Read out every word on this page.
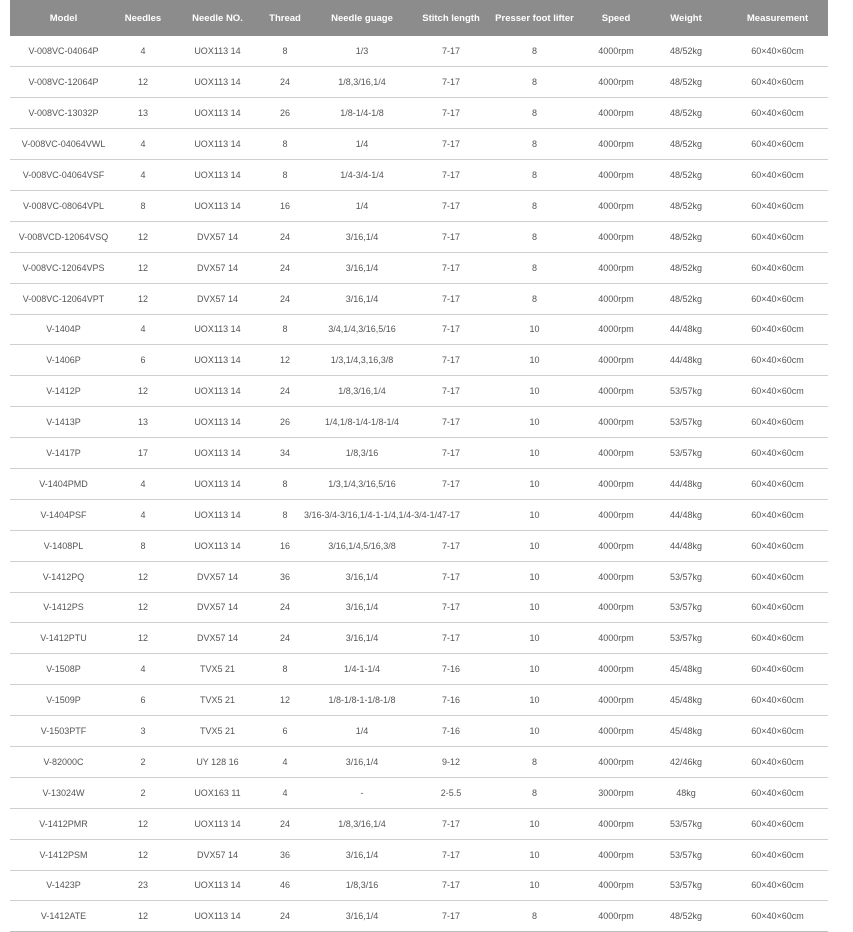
Model	Needles	Needle NO.	Thread	Needle guage	Stitch length	Presser foot lifter	Speed	Weight	Measurement
V-008VC-04064P	4	UOX113 14	8	1/3	7-17	8	4000rpm	48/52kg	60×40×60cm
V-008VC-12064P	12	UOX113 14	24	1/8,3/16,1/4	7-17	8	4000rpm	48/52kg	60×40×60cm
V-008VC-13032P	13	UOX113 14	26	1/8-1/4-1/8	7-17	8	4000rpm	48/52kg	60×40×60cm
V-008VC-04064VWL	4	UOX113 14	8	1/4	7-17	8	4000rpm	48/52kg	60×40×60cm
V-008VC-04064VSF	4	UOX113 14	8	1/4-3/4-1/4	7-17	8	4000rpm	48/52kg	60×40×60cm
V-008VC-08064VPL	8	UOX113 14	16	1/4	7-17	8	4000rpm	48/52kg	60×40×60cm
V-008VCD-12064VSQ	12	DVX57 14	24	3/16,1/4	7-17	8	4000rpm	48/52kg	60×40×60cm
V-008VC-12064VPS	12	DVX57 14	24	3/16,1/4	7-17	8	4000rpm	48/52kg	60×40×60cm
V-008VC-12064VPT	12	DVX57 14	24	3/16,1/4	7-17	8	4000rpm	48/52kg	60×40×60cm
V-1404P	4	UOX113 14	8	3/4,1/4,3/16,5/16	7-17	10	4000rpm	44/48kg	60×40×60cm
V-1406P	6	UOX113 14	12	1/3,1/4,3,16,3/8	7-17	10	4000rpm	44/48kg	60×40×60cm
V-1412P	12	UOX113 14	24	1/8,3/16,1/4	7-17	10	4000rpm	53/57kg	60×40×60cm
V-1413P	13	UOX113 14	26	1/4,1/8-1/4-1/8-1/4	7-17	10	4000rpm	53/57kg	60×40×60cm
V-1417P	17	UOX113 14	34	1/8,3/16	7-17	10	4000rpm	53/57kg	60×40×60cm
V-1404PMD	4	UOX113 14	8	1/3,1/4,3/16,5/16	7-17	10	4000rpm	44/48kg	60×40×60cm
V-1404PSF	4	UOX113 14	8	3/16-3/4-3/16,1/4-1-1/4,1/4-3/4-1/4	7-17	10	4000rpm	44/48kg	60×40×60cm
V-1408PL	8	UOX113 14	16	3/16,1/4,5/16,3/8	7-17	10	4000rpm	44/48kg	60×40×60cm
V-1412PQ	12	DVX57 14	36	3/16,1/4	7-17	10	4000rpm	53/57kg	60×40×60cm
V-1412PS	12	DVX57 14	24	3/16,1/4	7-17	10	4000rpm	53/57kg	60×40×60cm
V-1412PTU	12	DVX57 14	24	3/16,1/4	7-17	10	4000rpm	53/57kg	60×40×60cm
V-1508P	4	TVX5 21	8	1/4-1-1/4	7-16	10	4000rpm	45/48kg	60×40×60cm
V-1509P	6	TVX5 21	12	1/8-1/8-1-1/8-1/8	7-16	10	4000rpm	45/48kg	60×40×60cm
V-1503PTF	3	TVX5 21	6	1/4	7-16	10	4000rpm	45/48kg	60×40×60cm
V-82000C	2	UY 128 16	4	3/16,1/4	9-12	8	4000rpm	42/46kg	60×40×60cm
V-13024W	2	UOX163 11	4	-	2-5.5	8	3000rpm	48kg	60×40×60cm
V-1412PMR	12	UOX113 14	24	1/8,3/16,1/4	7-17	10	4000rpm	53/57kg	60×40×60cm
V-1412PSM	12	DVX57 14	36	3/16,1/4	7-17	10	4000rpm	53/57kg	60×40×60cm
V-1423P	23	UOX113 14	46	1/8,3/16	7-17	10	4000rpm	53/57kg	60×40×60cm
V-1412ATE	12	UOX113 14	24	3/16,1/4	7-17	8	4000rpm	48/52kg	60×40×60cm
